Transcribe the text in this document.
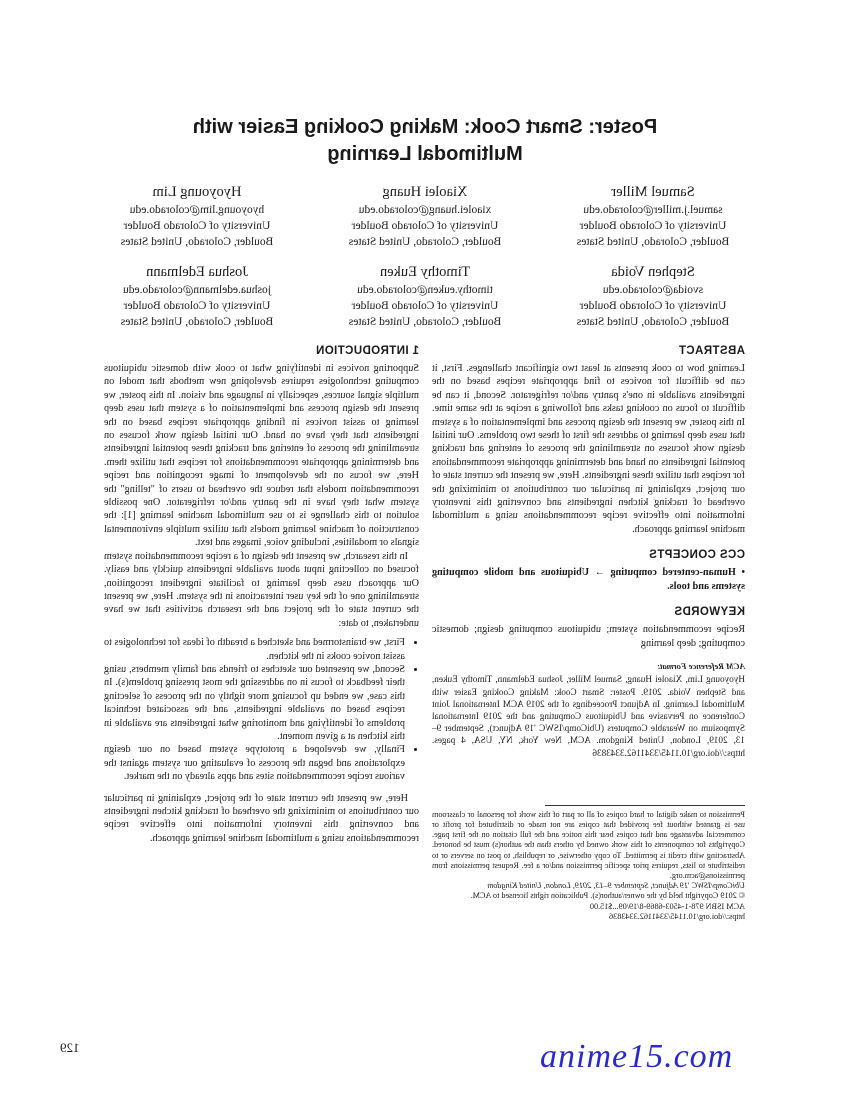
Poster: Smart Cook: Making Cooking Easier with Multimodal Learning
Hyoyoung Lim
hyoyoung.lim@colorado.edu
University of Colorado Boulder
Boulder, Colorado, United States
Xiaolei Huang
xiaolei.huang@colorado.edu
University of Colorado Boulder
Boulder, Colorado, United States
Samuel Miller
samuel.j.miller@colorado.edu
University of Colorado Boulder
Boulder, Colorado, United States
Joshua Edelmann
joshua.edelmann@colorado.edu
University of Colorado Boulder
Boulder, Colorado, United States
Timothy Euken
timothy.euken@colorado.edu
University of Colorado Boulder
Boulder, Colorado, United States
Stephen Voida
svoida@colorado.edu
University of Colorado Boulder
Boulder, Colorado, United States
ABSTRACT

Learning how to cook presents at least two significant challenges. First, it can be difficult for novices to find appropriate recipes based on the ingredients available in one's pantry and/or refrigerator. Second, it can be difficult to focus on cooking tasks and following a recipe at the same time. In this poster, we present the design process and implementation of a system that uses deep learning to address the first of these two problems. Our initial design work focuses on streamlining the process of entering and tracking potential ingredients on hand and determining appropriate recommendations for recipes that utilize these ingredients. Here, we present the current state of our project, explaining in particular our contributions to minimizing the overhead of tracking kitchen ingredients and converting this inventory information into effective recipe recommendations using a multimodal machine learning approach.

CCS CONCEPTS

• Human-centered computing → Ubiquitous and mobile computing systems and tools.

KEYWORDS

Recipe recommendation system; ubiquitous computing design; domestic computing; deep learning

ACM Reference Format:

Hyoyoung Lim, Xiaolei Huang, Samuel Miller, Joshua Edelmann, Timothy Euken, and Stephen Voida. 2019. Poster: Smart Cook: Making Cooking Easier with Multimodal Learning. In Adjunct Proceedings of the 2019 ACM International Joint Conference on Pervasive and Ubiquitous Computing and the 2019 International Symposium on Wearable Computers (UbiComp/ISWC '19 Adjunct), September 9–13, 2019, London, United Kingdom. ACM, New York, NY, USA, 4 pages. https://doi.org/10.1145/3341162.3343836

Permission to make digital or hard copies of all or part of this work for personal or classroom use is granted without fee provided that copies are not made or distributed for profit or commercial advantage and that copies bear this notice and the full citation on the first page. Copyrights for components of this work owned by others than the author(s) must be honored. Abstracting with credit is permitted. To copy otherwise, or republish, to post on servers or to redistribute to lists, requires prior specific permission and/or a fee. Request permissions from permissions@acm.org.
UbiComp/ISWC '19 Adjunct, September 9–13, 2019, London, United Kingdom
© 2019 Copyright held by the owner/author(s). Publication rights licensed to ACM.
ACM ISBN 978-1-4503-6869-8/19/09...$15.00
https://doi.org/10.1145/3341162.3343836
1 INTRODUCTION

Supporting novices in identifying what to cook with domestic ubiquitous computing technologies requires developing new methods that model on multiple signal sources, especially in language and vision. In this poster, we present the design process and implementation of a system that uses deep learning to assist novices in finding appropriate recipes based on the ingredients that they have on hand. Our initial design work focuses on streamlining the process of entering and tracking these potential ingredients and determining appropriate recommendations for recipes that utilize them. Here, we focus on the development of image recognition and recipe recommendation models that reduce the overhead to users of "telling" the system what they have in the pantry and/or refrigerator. One possible solution to this challenge is to use multimodal machine learning [1]: the construction of machine learning models that utilize multiple environmental signals or modalities, including voice, images and text.

In this research, we present the design of a recipe recommendation system focused on collecting input about available ingredients quickly and easily. Our approach uses deep learning to facilitate ingredient recognition, streamlining one of the key user interactions in the system. Here, we present the current state of the project and the research activities that we have undertaken, to date:

• First, we brainstormed and sketched a breadth of ideas for technologies to assist novice cooks in the kitchen.
• Second, we presented our sketches to friends and family members, using their feedback to focus in on addressing the most pressing problem(s). In this case, we ended up focusing more tightly on the process of selecting recipes based on available ingredients, and the associated technical problems of identifying and monitoring what ingredients are available in this kitchen at a given moment.
• Finally, we developed a prototype system based on our design explorations and began the process of evaluating our system against the various recipe recommendation sites and apps already on the market.

Here, we present the current state of the project, explaining in particular our contributions to minimizing the overhead of tracking kitchen ingredients and converting this inventory information into effective recipe recommendations using a multimodal machine learning approach.

129	anime15.com
